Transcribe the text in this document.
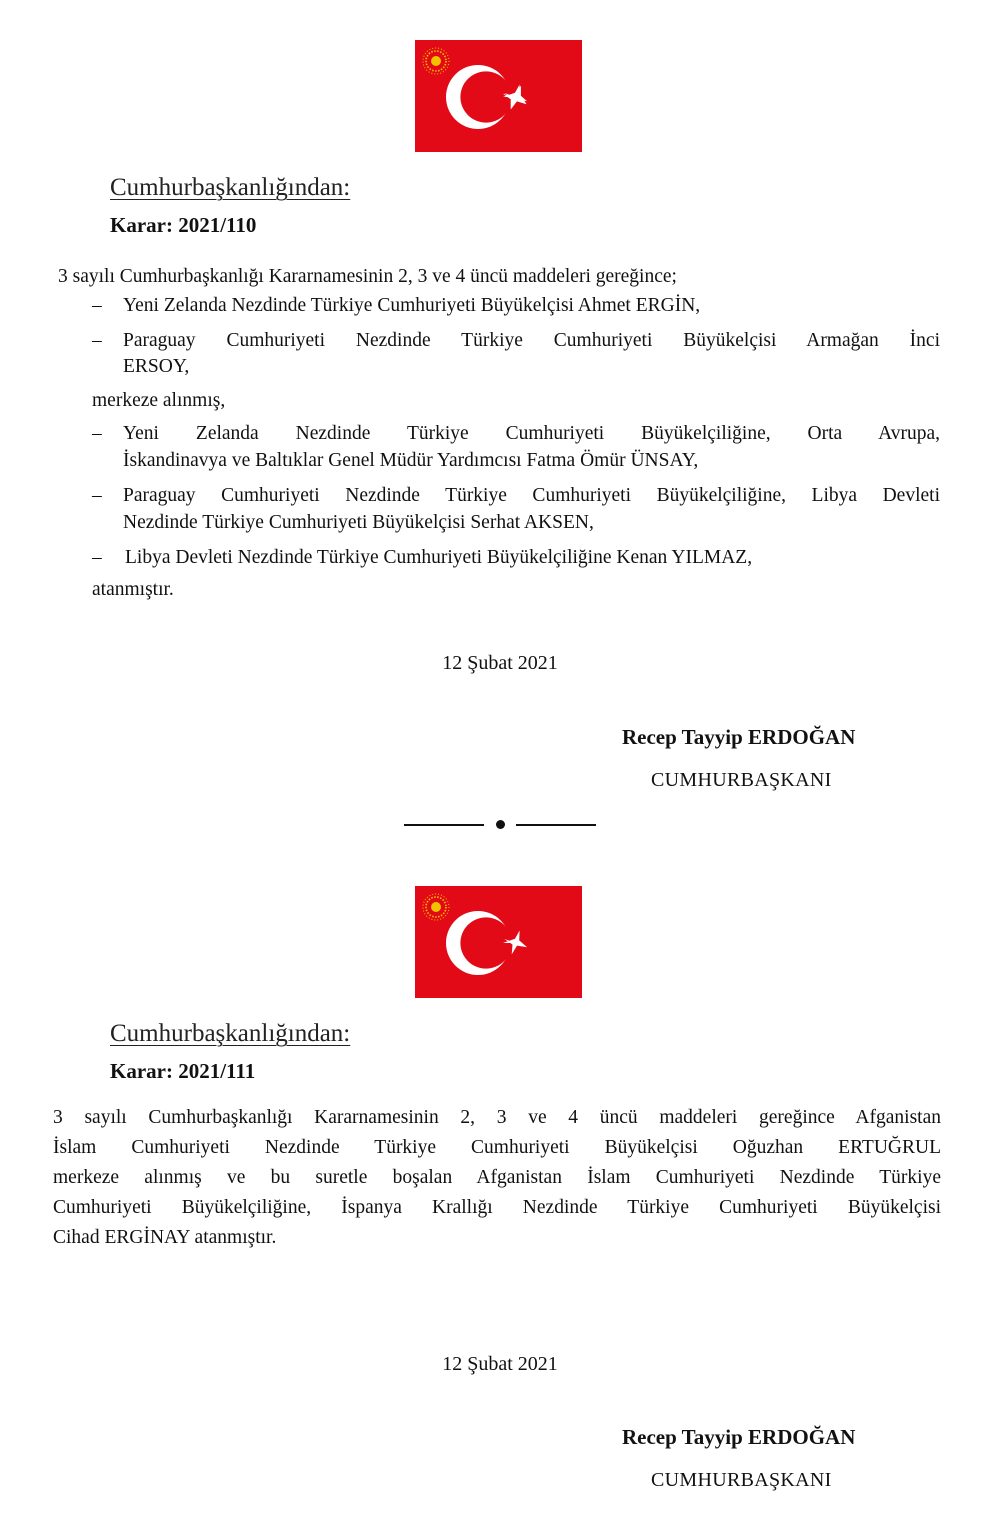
Cumhurbaşkanlığından:
Karar: 2021/110
3 sayılı Cumhurbaşkanlığı Kararnamesinin 2, 3 ve 4 üncü maddeleri gereğince;
–	Yeni Zelanda Nezdinde Türkiye Cumhuriyeti Büyükelçisi Ahmet ERGİN,
–	Paraguay Cumhuriyeti Nezdinde Türkiye Cumhuriyeti Büyükelçisi Armağan İnci
ERSOY,
merkeze alınmış,
–	Yeni Zelanda Nezdinde Türkiye Cumhuriyeti Büyükelçiliğine, Orta Avrupa,
İskandinavya ve Baltıklar Genel Müdür Yardımcısı Fatma Ömür ÜNSAY,
–	Paraguay Cumhuriyeti Nezdinde Türkiye Cumhuriyeti Büyükelçiliğine, Libya Devleti
Nezdinde Türkiye Cumhuriyeti Büyükelçisi Serhat AKSEN,
–	Libya Devleti Nezdinde Türkiye Cumhuriyeti Büyükelçiliğine Kenan YILMAZ,
atanmıştır.
12 Şubat 2021
Recep Tayyip ERDOĞAN
CUMHURBAŞKANI
Cumhurbaşkanlığından:
Karar: 2021/111
3 sayılı Cumhurbaşkanlığı Kararnamesinin 2, 3 ve 4 üncü maddeleri gereğince Afganistan
İslam Cumhuriyeti Nezdinde Türkiye Cumhuriyeti Büyükelçisi Oğuzhan ERTUĞRUL
merkeze alınmış ve bu suretle boşalan Afganistan İslam Cumhuriyeti Nezdinde Türkiye
Cumhuriyeti Büyükelçiliğine, İspanya Krallığı Nezdinde Türkiye Cumhuriyeti Büyükelçisi
Cihad ERGİNAY atanmıştır.
12 Şubat 2021
Recep Tayyip ERDOĞAN
CUMHURBAŞKANI
